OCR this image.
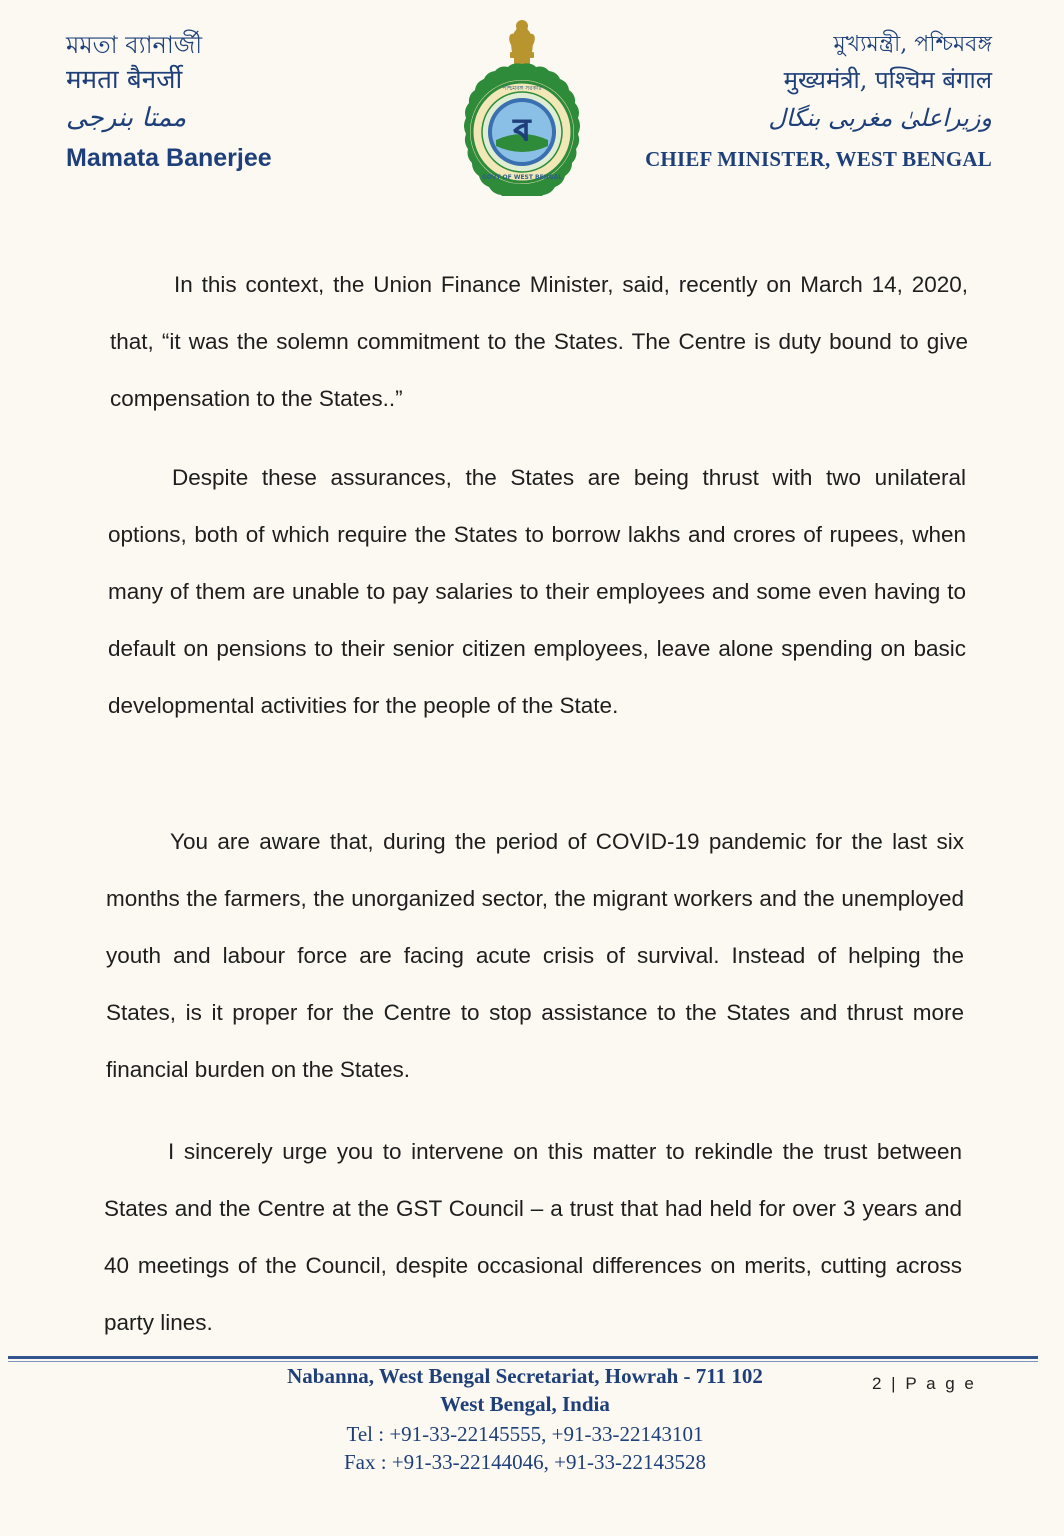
মমতা ব্যানার্জী
ममता बैनर्जी
ممتا بنرجی
Mamata Banerjee
ব
পশ্চিমবঙ্গ সরকার
GOVT OF WEST BENGAL
মুখ্যমন্ত্রী, পশ্চিমবঙ্গ
मुख्यमंत्री, पश्चिम बंगाल
وزیراعلیٰ مغربی بنگال
CHIEF MINISTER, WEST BENGAL

In this context, the Union Finance Minister, said, recently on March 14, 2020, that, “it was the solemn commitment to the States. The Centre is duty bound to give compensation to the States..”

Despite these assurances, the States are being thrust with two unilateral options, both of which require the States to borrow lakhs and crores of rupees, when many of them are unable to pay salaries to their employees and some even having to default on pensions to their senior citizen employees, leave alone spending on basic developmental activities for the people of the State.

You are aware that, during the period of COVID-19 pandemic for the last six months the farmers, the unorganized sector, the migrant workers and the unemployed youth and labour force are facing acute crisis of survival. Instead of helping the States, is it proper for the Centre to stop assistance to the States and thrust more financial burden on the States.

I sincerely urge you to intervene on this matter to rekindle the trust between States and the Centre at the GST Council – a trust that had held for over 3 years and 40 meetings of the Council, despite occasional differences on merits, cutting across party lines.

Nabanna, West Bengal Secretariat, Howrah - 711 102
West Bengal, India
Tel : +91-33-22145555, +91-33-22143101
Fax : +91-33-22144046, +91-33-22143528
2 | P a g e
